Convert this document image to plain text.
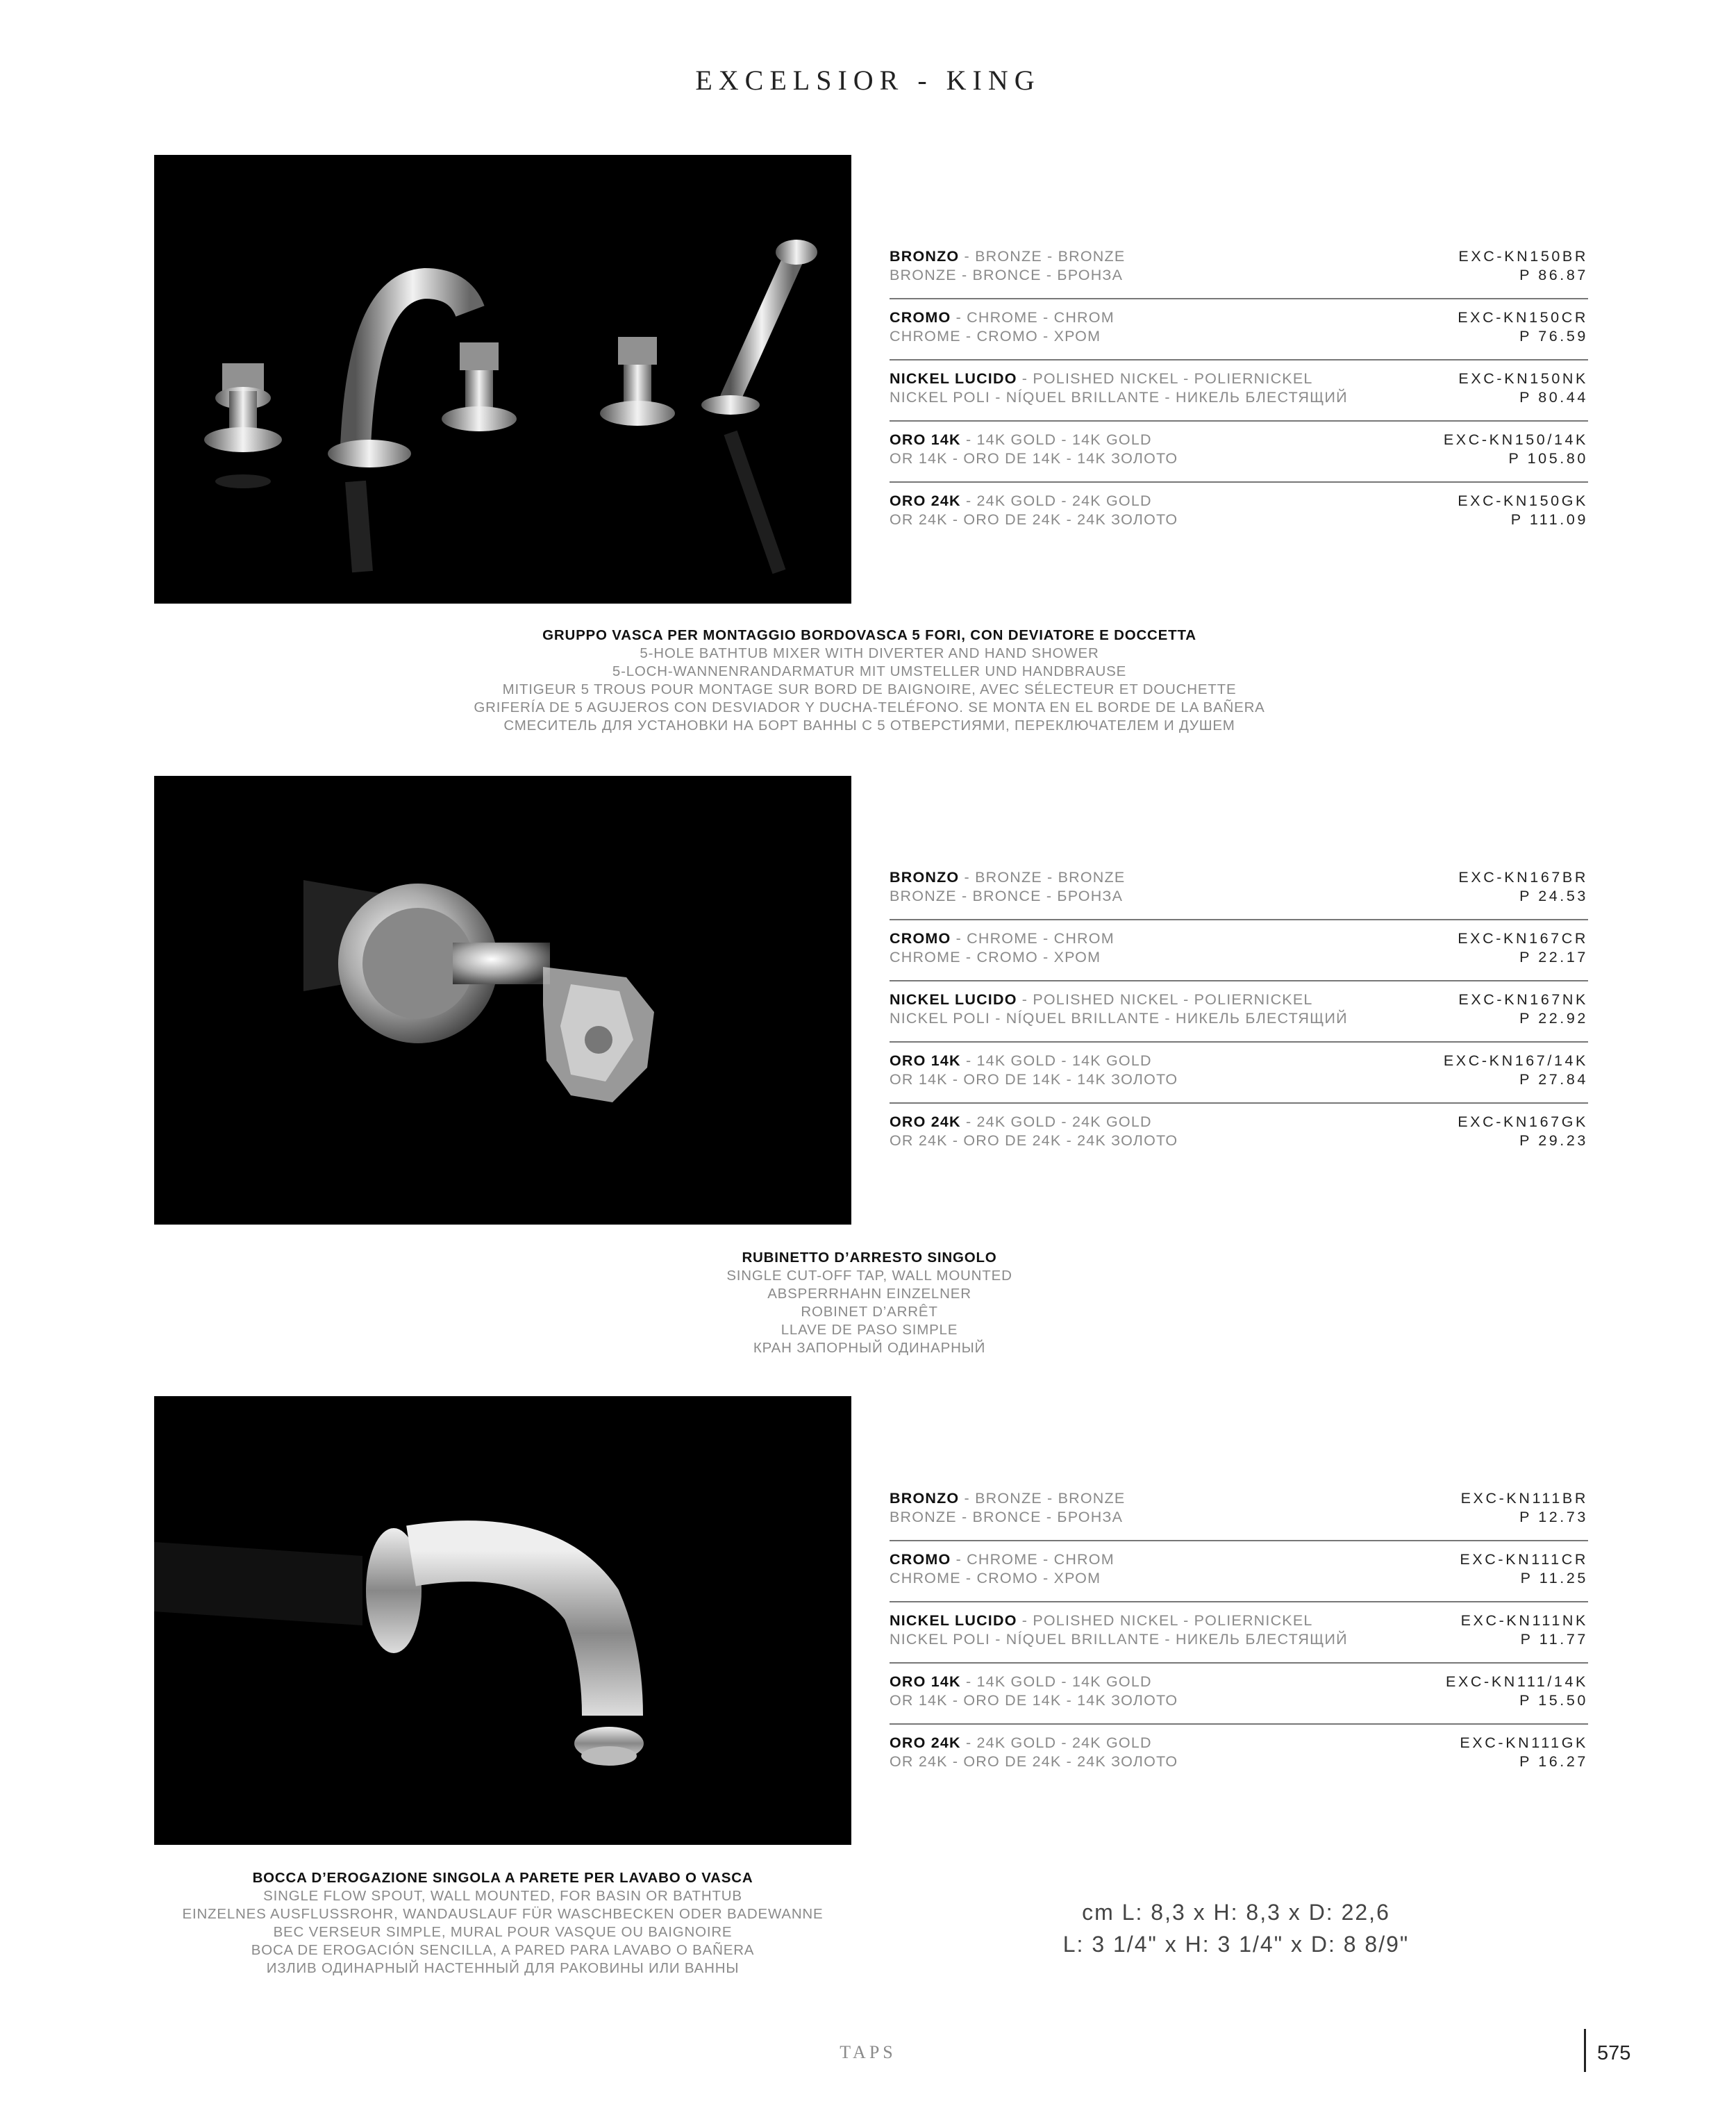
EXCELSIOR - KING
BRONZO - BRONZE - BRONZE
BRONZE - BRONCE - БРОНЗА
EXC-KN150BR
P 86.87
CROMO - CHROME - CHROM
CHROME - CROMO - ХРОМ
EXC-KN150CR
P 76.59
NICKEL LUCIDO - POLISHED NICKEL - POLIERNICKEL
NICKEL POLI - NÍQUEL BRILLANTE - НИКЕЛЬ БЛЕСТЯЩИЙ
EXC-KN150NK
P 80.44
ORO 14K - 14K GOLD - 14K GOLD
OR 14K - ORO DE 14K - 14K ЗОЛОТО
EXC-KN150/14K
P 105.80
ORO 24K - 24K GOLD - 24K GOLD
OR 24K - ORO DE 24K - 24K ЗОЛОТО
EXC-KN150GK
P 111.09
GRUPPO VASCA PER MONTAGGIO BORDOVASCA 5 FORI, CON DEVIATORE E DOCCETTA
5-HOLE BATHTUB MIXER WITH DIVERTER AND HAND SHOWER
5-LOCH-WANNENRANDARMATUR MIT UMSTELLER UND HANDBRAUSE
MITIGEUR 5 TROUS POUR MONTAGE SUR BORD DE BAIGNOIRE, AVEC SÉLECTEUR ET DOUCHETTE
GRIFERÍA DE 5 AGUJEROS CON DESVIADOR Y DUCHA-TELÉFONO. SE MONTA EN EL BORDE DE LA BAÑERA
СМЕСИТЕЛЬ ДЛЯ УСТАНОВКИ НА БОРТ ВАННЫ С 5 ОТВЕРСТИЯМИ, ПЕРЕКЛЮЧАТЕЛЕМ И ДУШЕМ
BRONZO - BRONZE - BRONZE
BRONZE - BRONCE - БРОНЗА
EXC-KN167BR
P 24.53
CROMO - CHROME - CHROM
CHROME - CROMO - ХРОМ
EXC-KN167CR
P 22.17
NICKEL LUCIDO - POLISHED NICKEL - POLIERNICKEL
NICKEL POLI - NÍQUEL BRILLANTE - НИКЕЛЬ БЛЕСТЯЩИЙ
EXC-KN167NK
P 22.92
ORO 14K - 14K GOLD - 14K GOLD
OR 14K - ORO DE 14K - 14K ЗОЛОТО
EXC-KN167/14K
P 27.84
ORO 24K - 24K GOLD - 24K GOLD
OR 24K - ORO DE 24K - 24K ЗОЛОТО
EXC-KN167GK
P 29.23
RUBINETTO D’ARRESTO SINGOLO
SINGLE CUT-OFF TAP, WALL MOUNTED
ABSPERRHAHN EINZELNER
ROBINET D’ARRÊT
LLAVE DE PASO SIMPLE
КРАН ЗАПОРНЫЙ ОДИНАРНЫЙ
BRONZO - BRONZE - BRONZE
BRONZE - BRONCE - БРОНЗА
EXC-KN111BR
P 12.73
CROMO - CHROME - CHROM
CHROME - CROMO - ХРОМ
EXC-KN111CR
P 11.25
NICKEL LUCIDO - POLISHED NICKEL - POLIERNICKEL
NICKEL POLI - NÍQUEL BRILLANTE - НИКЕЛЬ БЛЕСТЯЩИЙ
EXC-KN111NK
P 11.77
ORO 14K - 14K GOLD - 14K GOLD
OR 14K - ORO DE 14K - 14K ЗОЛОТО
EXC-KN111/14K
P 15.50
ORO 24K - 24K GOLD - 24K GOLD
OR 24K - ORO DE 24K - 24K ЗОЛОТО
EXC-KN111GK
P 16.27
BOCCA D’EROGAZIONE SINGOLA A PARETE PER LAVABO O VASCA
SINGLE FLOW SPOUT, WALL MOUNTED, FOR BASIN OR BATHTUB
EINZELNES AUSFLUSSROHR, WANDAUSLAUF FÜR WASCHBECKEN ODER BADEWANNE
BEC VERSEUR SIMPLE, MURAL POUR VASQUE OU BAIGNOIRE
BOCA DE EROGACIÓN SENCILLA, A PARED PARA LAVABO O BAÑERA
ИЗЛИВ ОДИНАРНЫЙ НАСТЕННЫЙ ДЛЯ РАКОВИНЫ ИЛИ ВАННЫ
cm L: 8,3 x H: 8,3 x D: 22,6
L: 3 1/4" x H: 3 1/4" x D: 8 8/9"
TAPS	575
